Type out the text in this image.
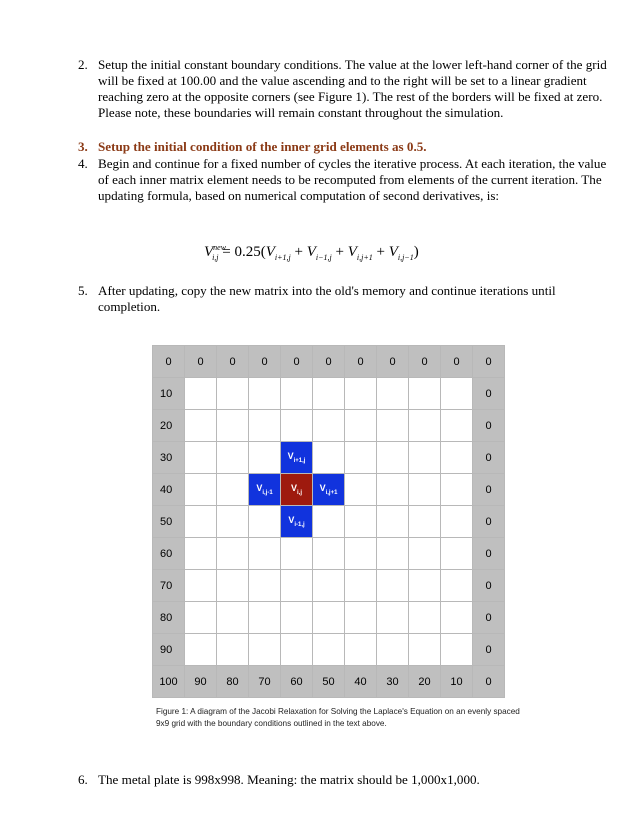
2. Setup the initial constant boundary conditions. The value at the lower left-hand corner of the grid will be fixed at 100.00 and the value ascending and to the right will be set to a linear gradient reaching zero at the opposite corners (see Figure 1). The rest of the borders will be fixed at zero. Please note, these boundaries will remain constant throughout the simulation.
3. Setup the initial condition of the inner grid elements as 0.5.
4. Begin and continue for a fixed number of cycles the iterative process. At each iteration, the value of each inner matrix element needs to be recomputed from elements of the current iteration. The updating formula, based on numerical computation of second derivatives, is:
$V^{new}_{i,j} = 0.25(V_{i+1,j} + V_{i-1,j} + V_{i,j+1} + V_{i,j-1})$
5. After updating, copy the new matrix into the old's memory and continue iterations until completion.
0	0	0	0	0	0	0	0	0	0	0
10										0
20										0
30				$V_{i+1,j}$						0
40			$V_{i,j-1}$	$V_{i,j}$	$V_{i,j+1}$					0
50				$V_{i-1,j}$						0
60										0
70										0
80										0
90										0
100	90	80	70	60	50	40	30	20	10	0
Figure 1: A diagram of the Jacobi Relaxation for Solving the Laplace's Equation on an evenly spaced 9x9 grid with the boundary conditions outlined in the text above.
6. The metal plate is 998x998. Meaning: the matrix should be 1,000x1,000.
